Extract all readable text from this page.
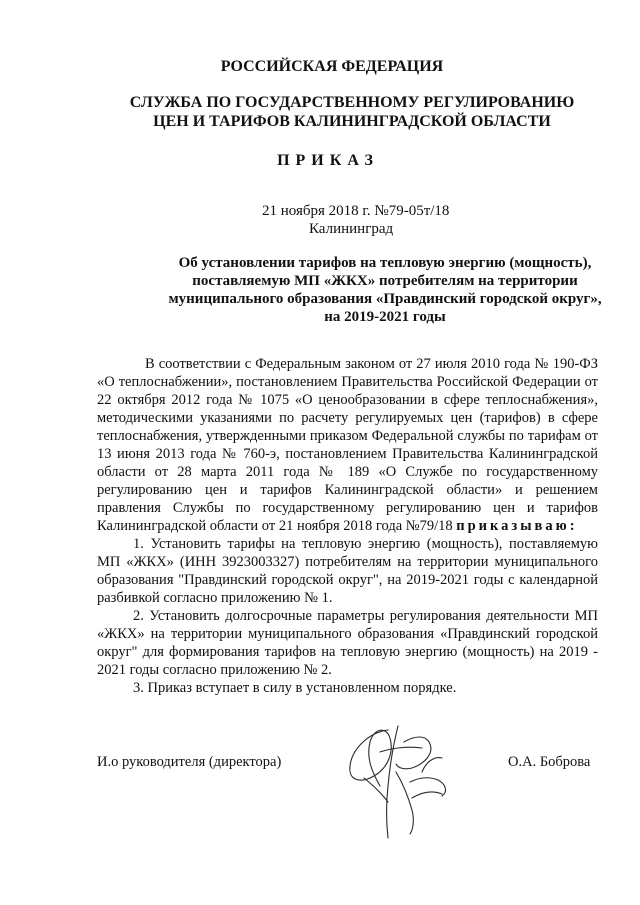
РОССИЙСКАЯ ФЕДЕРАЦИЯ
СЛУЖБА ПО ГОСУДАРСТВЕННОМУ РЕГУЛИРОВАНИЮ
ЦЕН И ТАРИФОВ КАЛИНИНГРАДСКОЙ ОБЛАСТИ
ПРИКАЗ
21 ноября 2018 г. №79-05т/18
Калининград
Об установлении тарифов на тепловую энергию (мощность),
поставляемую МП «ЖКХ» потребителям на территории
муниципального образования «Правдинский городской округ»,
на 2019-2021 годы

В соответствии с Федеральным законом от 27 июля 2010 года № 190-ФЗ «О теплоснабжении», постановлением Правительства Российской Федерации от 22 октября 2012 года № 1075 «О ценообразовании в сфере теплоснабжения», методическими указаниями по расчету регулируемых цен (тарифов) в сфере теплоснабжения, утвержденными приказом Федеральной службы по тарифам от 13 июня 2013 года № 760-э, постановлением Правительства Калининградской области от 28 марта 2011 года № 189 «О Службе по государственному регулированию цен и тарифов Калининградской области» и решением правления Службы по государственному регулированию цен и тарифов Калининградской области от 21 ноября 2018 года №79/18 приказываю:

1. Установить тарифы на тепловую энергию (мощность), поставляемую МП «ЖКХ» (ИНН 3923003327) потребителям на территории муниципального образования "Правдинский городской округ", на 2019-2021 годы с календарной разбивкой согласно приложению № 1.

2. Установить долгосрочные параметры регулирования деятельности МП «ЖКХ» на территории муниципального образования «Правдинский городской округ" для формирования тарифов на тепловую энергию (мощность) на 2019 - 2021 годы согласно приложению № 2.

3. Приказ вступает в силу в установленном порядке.

И.о руководителя (директора)	О.А. Боброва
